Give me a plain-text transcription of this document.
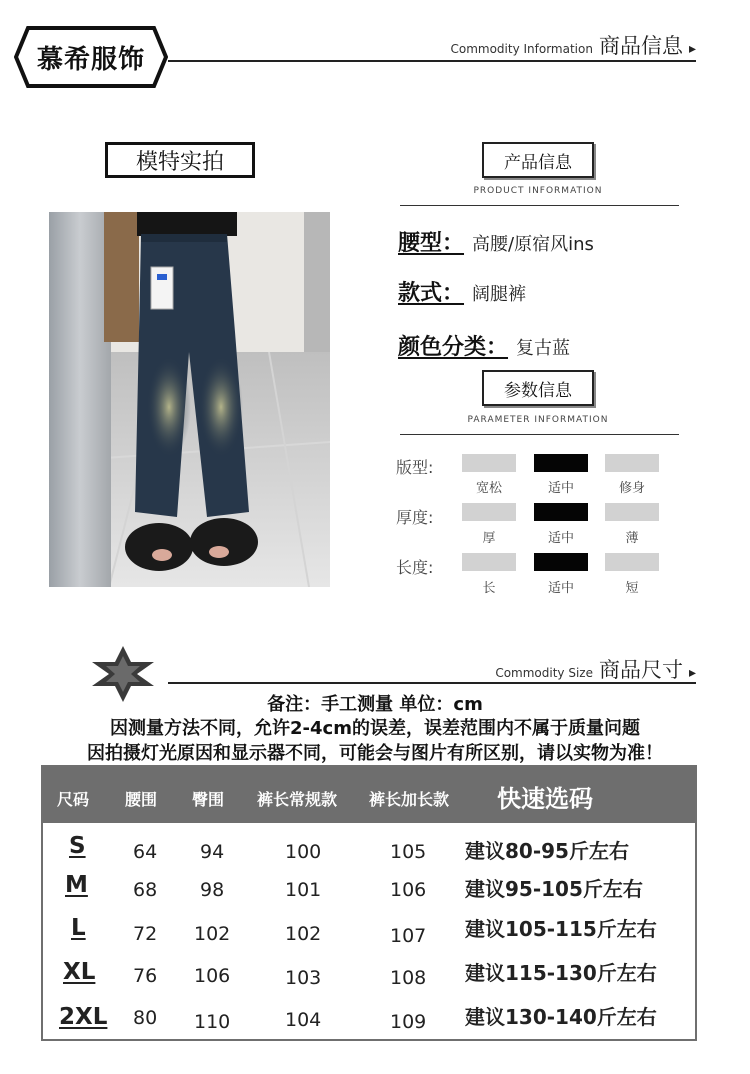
慕希服饰	Commodity Information 商品信息 ▸
模特实拍	产品信息
PRODUCT INFORMATION
腰型： 高腰/原宿风ins
款式： 阔腿裤
颜色分类： 复古蓝
参数信息
PARAMETER INFORMATION
版型:
宽松	适中	修身
厚度:
厚	适中	薄
长度:
长	适中	短
Commodity Size 商品尺寸 ▸
备注：手工测量 单位：cm
因测量方法不同，允许2-4cm的误差，误差范围内不属于质量问题
因拍摄灯光原因和显示器不同，可能会与图片有所区别，请以实物为准！
尺码 腰围 臀围 裤长常规款 裤长加长款 快速选码
S 64 94	100	105 建议80-95斤左右
M 68 98	101	106 建议95-105斤左右
L 72 102	102	107 建议105-115斤左右
XL 76 106	103	108 建议115-130斤左右
2XL 80 110	104	109 建议130-140斤左右
